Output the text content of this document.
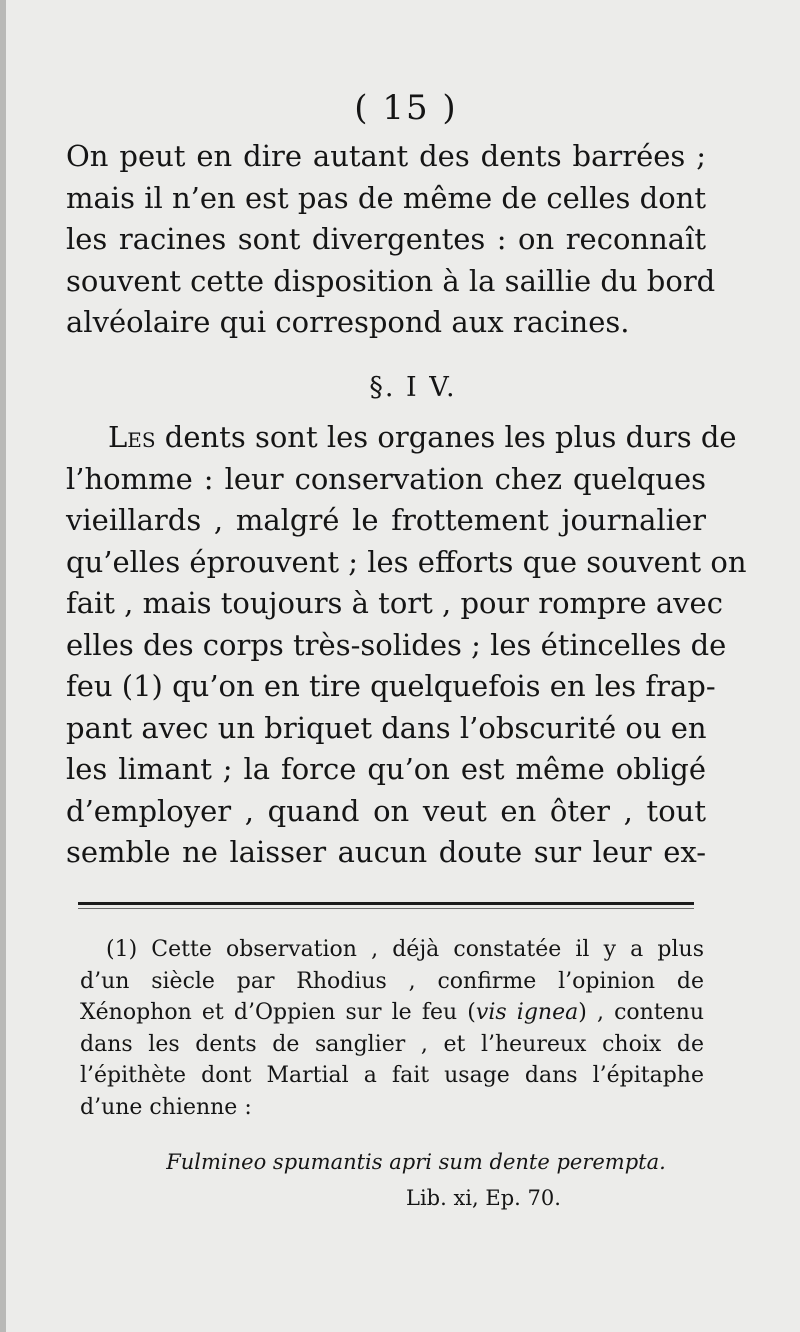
( 15 )
On peut en dire autant des dents barrées ;
mais il n’en est pas de même de celles dont
les racines sont divergentes : on reconnaît
souvent cette disposition à la saillie du bord
alvéolaire qui correspond aux racines.
§. I V.
Les dents sont les organes les plus durs de
l’homme : leur conservation chez quelques
vieillards , malgré le frottement journalier
qu’elles éprouvent ; les efforts que souvent on
fait , mais toujours à tort , pour rompre avec
elles des corps très-solides ; les étincelles de
feu (1) qu’on en tire quelquefois en les frap-
pant avec un briquet dans l’obscurité ou en
les limant ; la force qu’on est même obligé
d’employer , quand on veut en ôter , tout
semble ne laisser aucun doute sur leur ex-
(1) Cette observation , déjà constatée il y a plus
d’un siècle par Rhodius , confirme l’opinion de
Xénophon et d’Oppien sur le feu (vis ignea) , contenu
dans les dents de sanglier , et l’heureux choix de
l’épithète dont Martial a fait usage dans l’épitaphe
d’une chienne :
Fulmineo spumantis apri sum dente perempta.
Lib. xi, Ep. 70.
